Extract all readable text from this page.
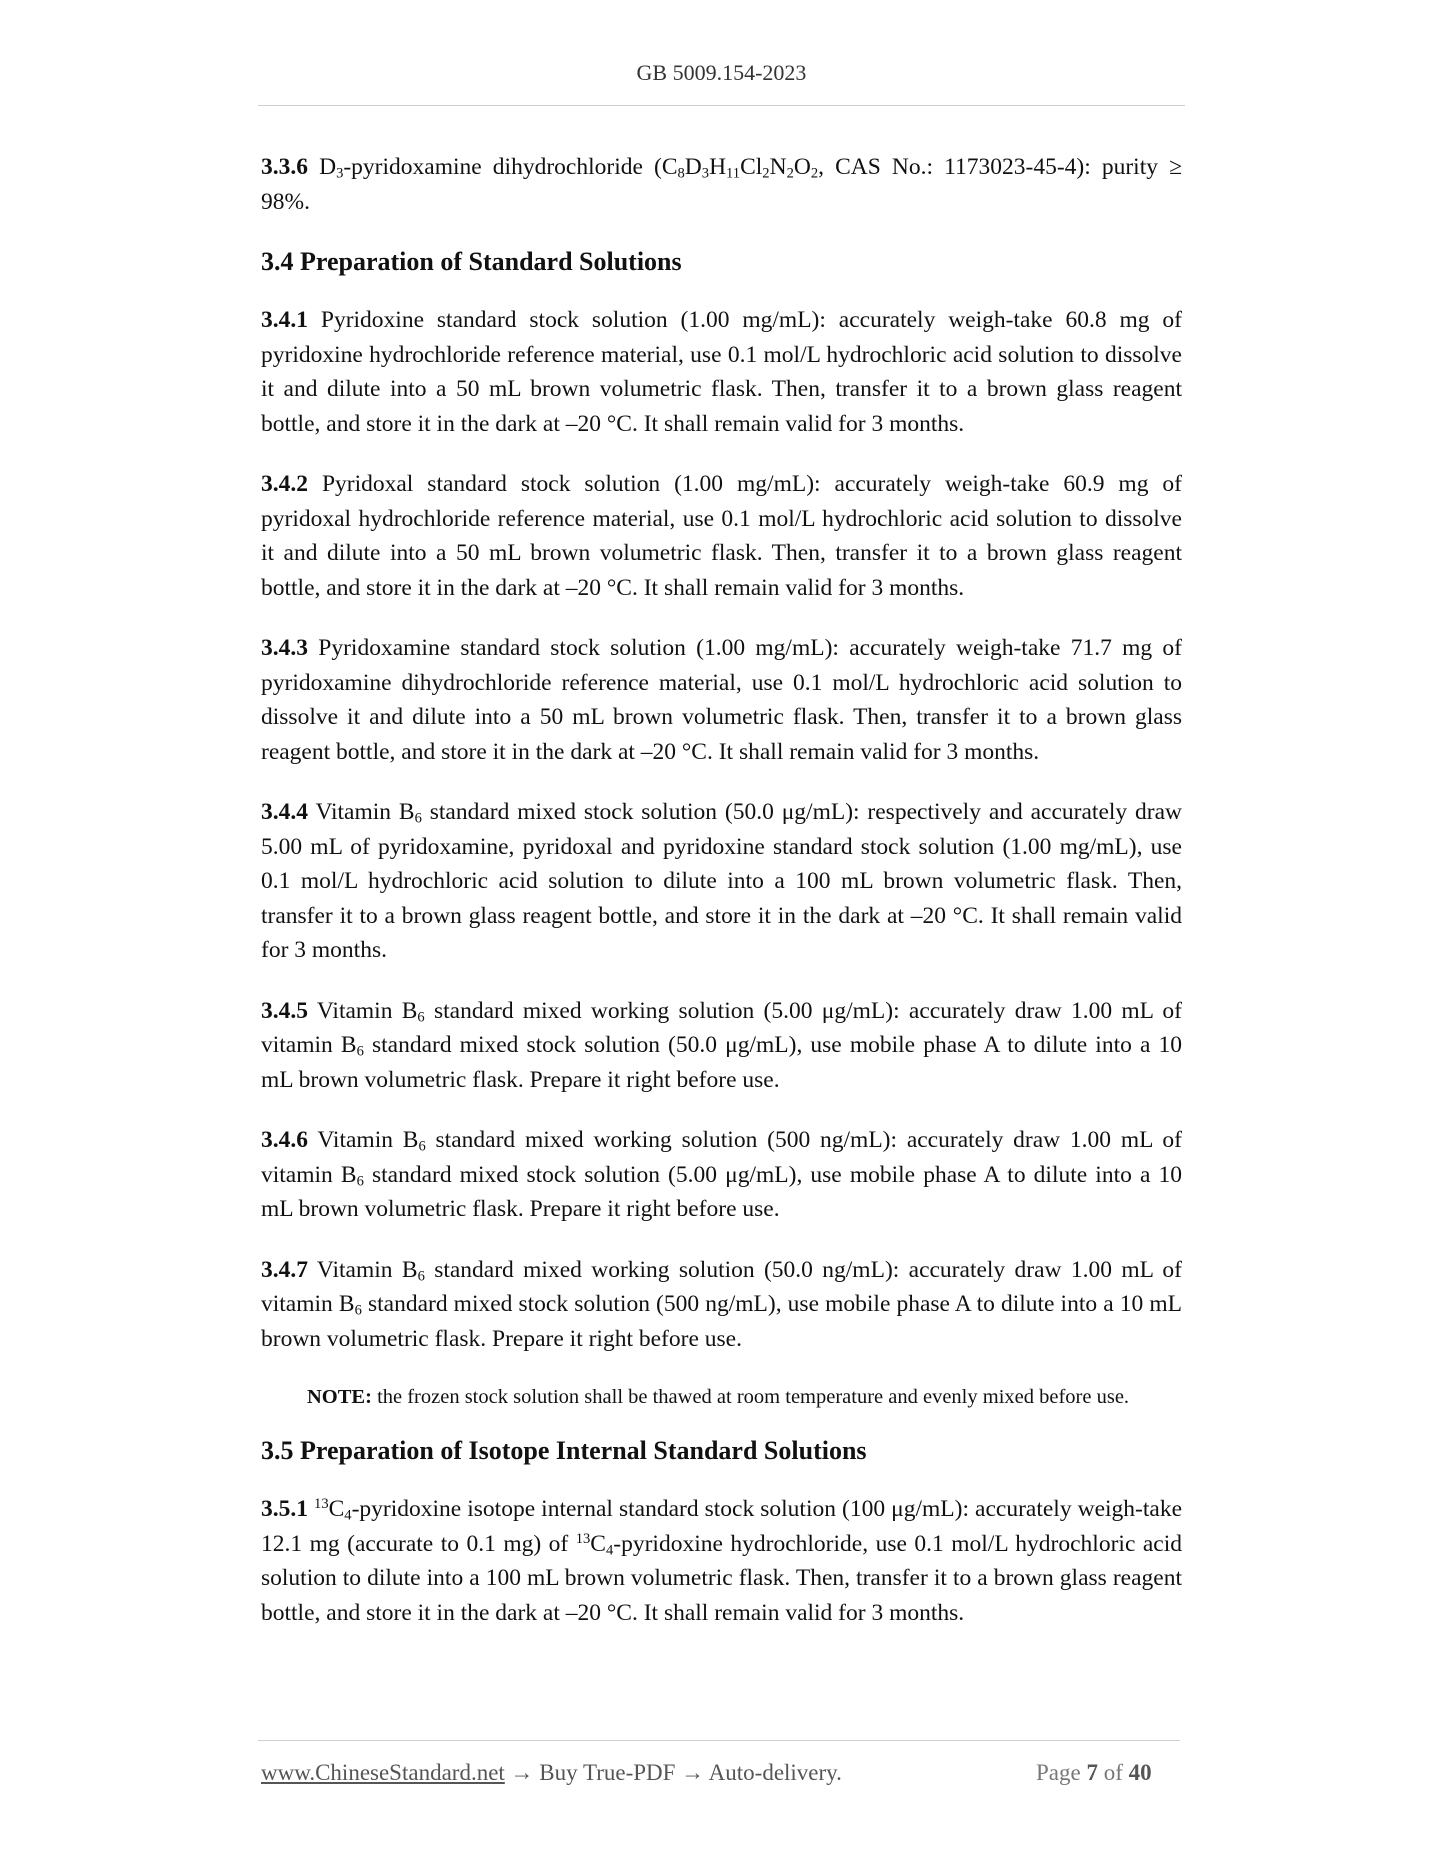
GB 5009.154-2023

3.3.6 $D_3$-pyridoxamine dihydrochloride ($C_8D_3H_{11}Cl_2N_2O_2$, CAS No.: 1173023-45-4): purity ≥ 98%.

3.4 Preparation of Standard Solutions

3.4.1 Pyridoxine standard stock solution (1.00 mg/mL): accurately weigh-take 60.8 mg of pyridoxine hydrochloride reference material, use 0.1 mol/L hydrochloric acid solution to dissolve it and dilute into a 50 mL brown volumetric flask. Then, transfer it to a brown glass reagent bottle, and store it in the dark at –20 °C. It shall remain valid for 3 months.

3.4.2 Pyridoxal standard stock solution (1.00 mg/mL): accurately weigh-take 60.9 mg of pyridoxal hydrochloride reference material, use 0.1 mol/L hydrochloric acid solution to dissolve it and dilute into a 50 mL brown volumetric flask. Then, transfer it to a brown glass reagent bottle, and store it in the dark at –20 °C. It shall remain valid for 3 months.

3.4.3 Pyridoxamine standard stock solution (1.00 mg/mL): accurately weigh-take 71.7 mg of pyridoxamine dihydrochloride reference material, use 0.1 mol/L hydrochloric acid solution to dissolve it and dilute into a 50 mL brown volumetric flask. Then, transfer it to a brown glass reagent bottle, and store it in the dark at –20 °C. It shall remain valid for 3 months.

3.4.4 Vitamin $B_6$ standard mixed stock solution (50.0 μg/mL): respectively and accurately draw 5.00 mL of pyridoxamine, pyridoxal and pyridoxine standard stock solution (1.00 mg/mL), use 0.1 mol/L hydrochloric acid solution to dilute into a 100 mL brown volumetric flask. Then, transfer it to a brown glass reagent bottle, and store it in the dark at –20 °C. It shall remain valid for 3 months.

3.4.5 Vitamin $B_6$ standard mixed working solution (5.00 μg/mL): accurately draw 1.00 mL of vitamin $B_6$ standard mixed stock solution (50.0 μg/mL), use mobile phase A to dilute into a 10 mL brown volumetric flask. Prepare it right before use.

3.4.6 Vitamin $B_6$ standard mixed working solution (500 ng/mL): accurately draw 1.00 mL of vitamin $B_6$ standard mixed stock solution (5.00 μg/mL), use mobile phase A to dilute into a 10 mL brown volumetric flask. Prepare it right before use.

3.4.7 Vitamin $B_6$ standard mixed working solution (50.0 ng/mL): accurately draw 1.00 mL of vitamin $B_6$ standard mixed stock solution (500 ng/mL), use mobile phase A to dilute into a 10 mL brown volumetric flask. Prepare it right before use.

NOTE: the frozen stock solution shall be thawed at room temperature and evenly mixed before use.

3.5 Preparation of Isotope Internal Standard Solutions

3.5.1 $^{13}C_4$-pyridoxine isotope internal standard stock solution (100 μg/mL): accurately weigh-take 12.1 mg (accurate to 0.1 mg) of $^{13}C_4$-pyridoxine hydrochloride, use 0.1 mol/L hydrochloric acid solution to dilute into a 100 mL brown volumetric flask. Then, transfer it to a brown glass reagent bottle, and store it in the dark at –20 °C. It shall remain valid for 3 months.

www.ChineseStandard.net → Buy True-PDF → Auto-delivery.	Page 7 of 40
